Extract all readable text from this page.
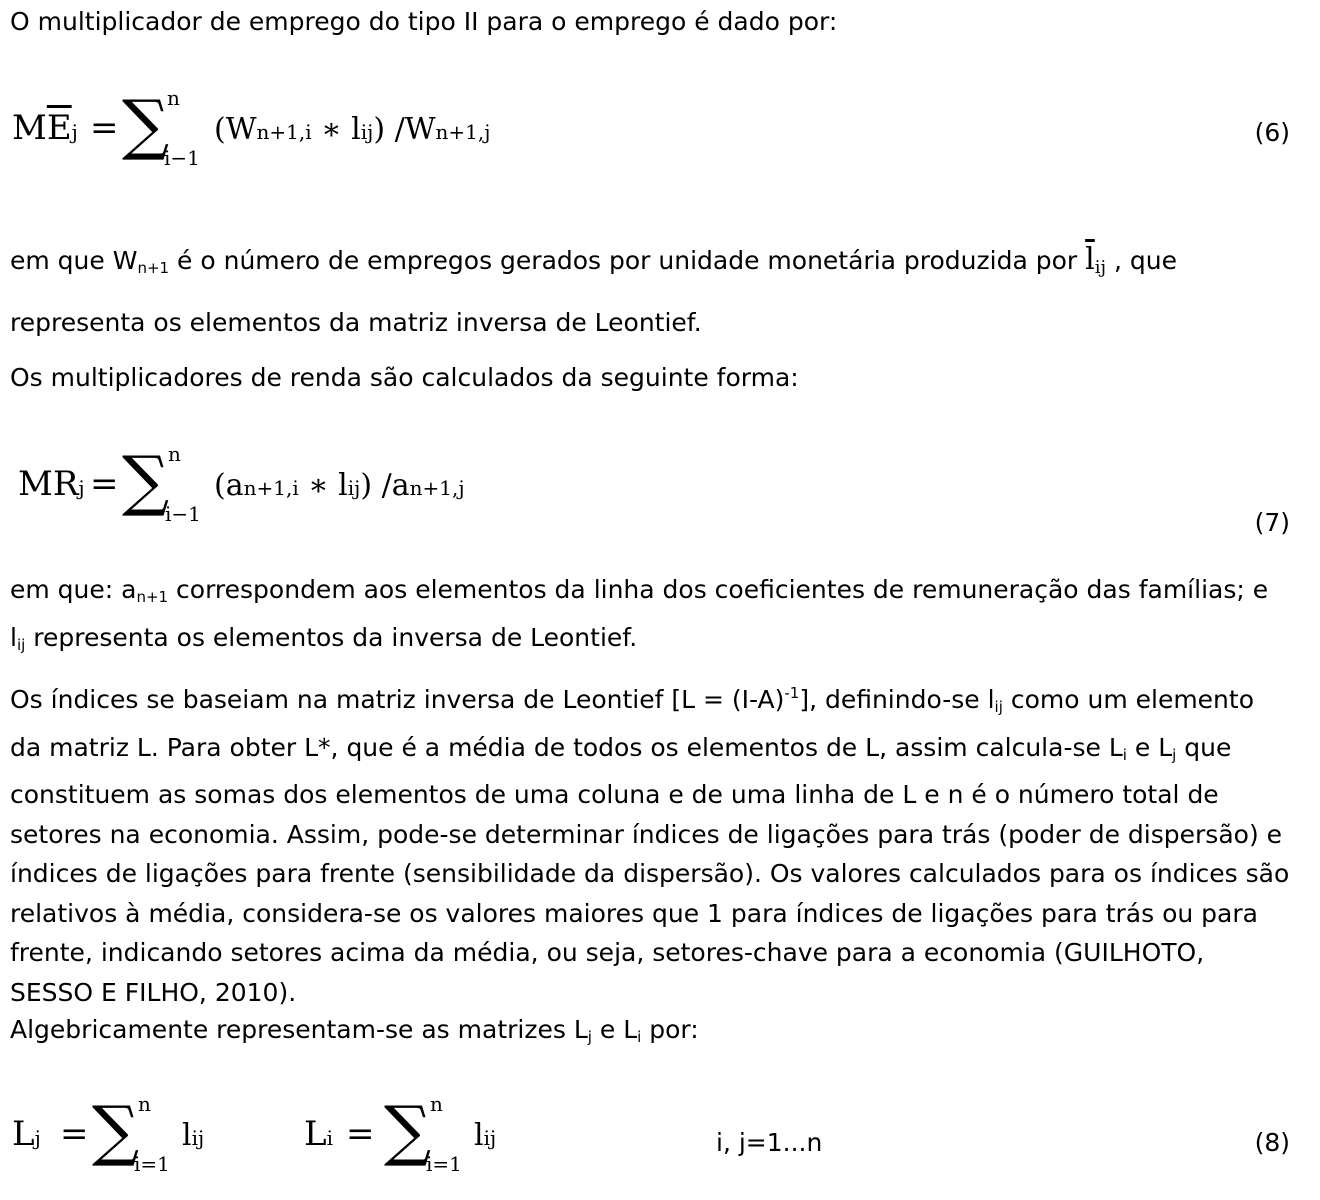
O multiplicador de emprego do tipo II para o emprego é dado por:
$M\overline{E}j$ = ∑
n
i−1
(Wn+1,i ∗ lij) /Wn+1,j	(6)
em que $W_{n+1}$ é o número de empregos gerados por unidade monetária produzida por $\overline{l}_{ij}$ , que
representa os elementos da matriz inversa de Leontief.
Os multiplicadores de renda são calculados da seguinte forma:
MRj = ∑
n
i−1
(an+1,i ∗ lij) /an+1,j
(7)
em que: $a_{n+1}$ correspondem aos elementos da linha dos coeficientes de remuneração das famílias; e
$l_{ij}$ representa os elementos da inversa de Leontief.
Os índices se baseiam na matriz inversa de Leontief $[L = (I-A)^{-1}]$, definindo-se $l_{ij}$ como um elemento
da matriz L. Para obter L*, que é a média de todos os elementos de L, assim calcula-se $L_i$ e $L_j$ que
constituem as somas dos elementos de uma coluna e de uma linha de L e n é o número total de
setores na economia. Assim, pode-se determinar índices de ligações para trás (poder de dispersão) e
índices de ligações para frente (sensibilidade da dispersão). Os valores calculados para os índices são
relativos à média, considera-se os valores maiores que 1 para índices de ligações para trás ou para
frente, indicando setores acima da média, ou seja, setores-chave para a economia (GUILHOTO,
SESSO E FILHO, 2010).
Algebricamente representam-se as matrizes $L_j$ e $L_i$ por:
Lj = ∑
n
i=1
lij	Li = ∑
n
i=1
lij	i, j=1...n	(8)
